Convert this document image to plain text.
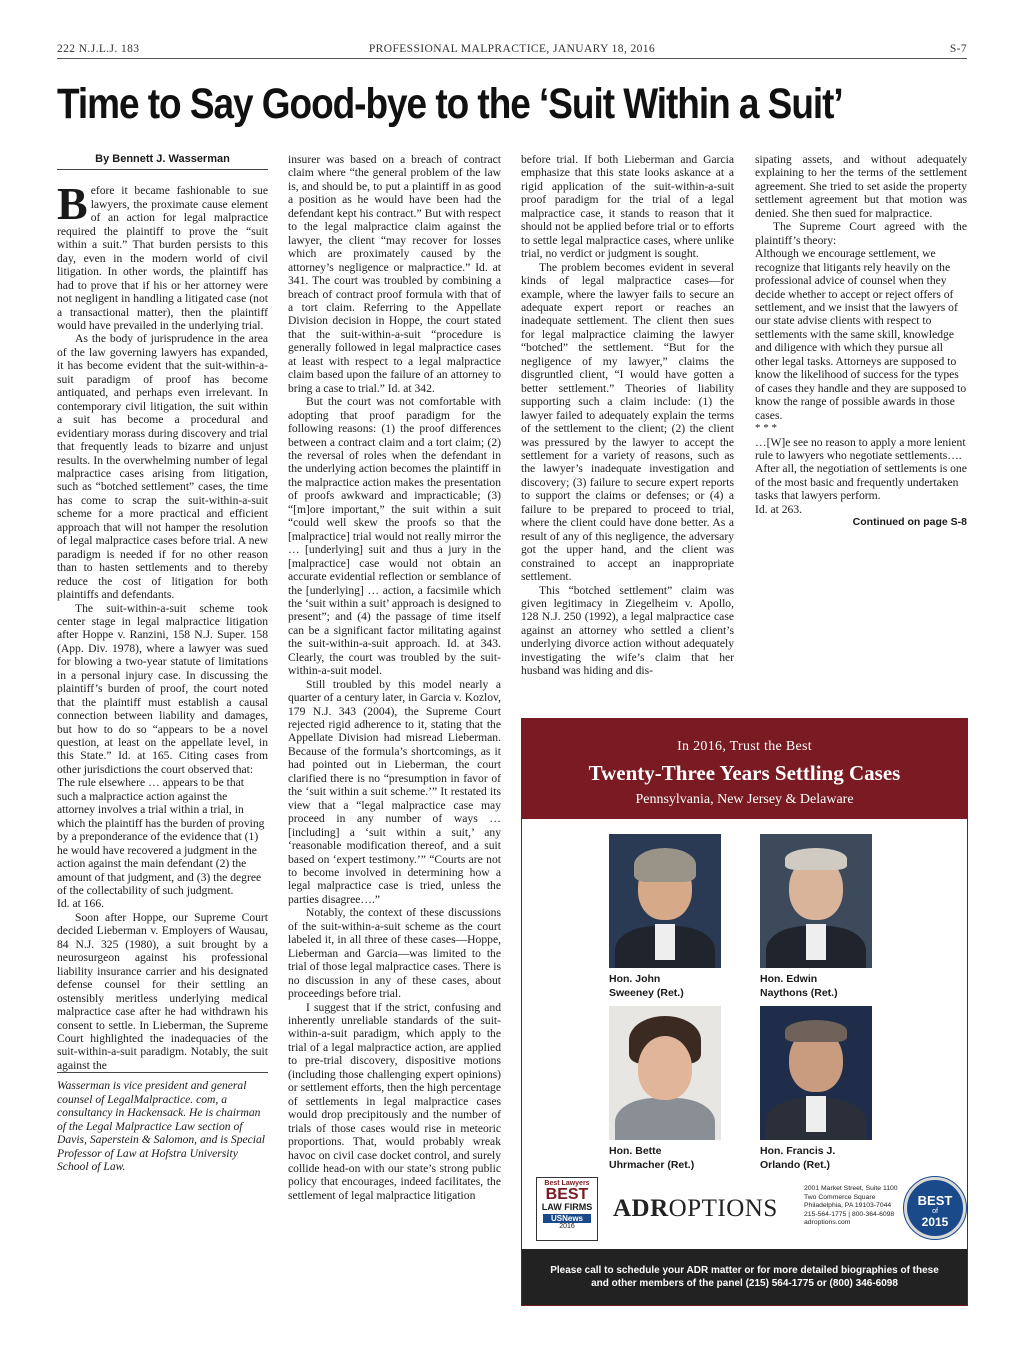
222 N.J.L.J. 183	PROFESSIONAL MALPRACTICE, JANUARY 18, 2016	S-7
Time to Say Good-bye to the ‘Suit Within a Suit’
By Bennett J. Wasserman

Before it became fashionable to sue lawyers, the proximate cause element of an action for legal malpractice required the plaintiff to prove the “suit within a suit.” That burden persists to this day, even in the modern world of civil litigation. In other words, the plaintiff has had to prove that if his or her attorney were not negligent in handling a litigated case (not a transactional matter), then the plaintiff would have prevailed in the underlying trial.

As the body of jurisprudence in the area of the law governing lawyers has expanded, it has become evident that the suit-within-a-suit paradigm of proof has become antiquated, and perhaps even irrelevant. In contemporary civil litigation, the suit within a suit has become a procedural and evidentiary morass during discovery and trial that frequently leads to bizarre and unjust results. In the overwhelming number of legal malpractice cases arising from litigation, such as “botched settlement” cases, the time has come to scrap the suit-within-a-suit scheme for a more practical and efficient approach that will not hamper the resolution of legal malpractice cases before trial. A new paradigm is needed if for no other reason than to hasten settlements and to thereby reduce the cost of litigation for both plaintiffs and defendants.

The suit-within-a-suit scheme took center stage in legal malpractice litigation after Hoppe v. Ranzini, 158 N.J. Super. 158 (App. Div. 1978), where a lawyer was sued for blowing a two-year statute of limitations in a personal injury case. In discussing the plaintiff’s burden of proof, the court noted that the plaintiff must establish a causal connection between liability and damages, but how to do so “appears to be a novel question, at least on the appellate level, in this State.” Id. at 165. Citing cases from other jurisdictions the court observed that:

The rule elsewhere … appears to be that such a malpractice action against the attorney involves a trial within a trial, in which the plaintiff has the burden of proving by a preponderance of the evidence that (1) he would have recovered a judgment in the action against the main defendant (2) the amount of that judgment, and (3) the degree of the collectability of such judgment.

Id. at 166.

Soon after Hoppe, our Supreme Court decided Lieberman v. Employers of Wausau, 84 N.J. 325 (1980), a suit brought by a neurosurgeon against his professional liability insurance carrier and his designated defense counsel for their settling an ostensibly meritless underlying medical malpractice case after he had withdrawn his consent to settle. In Lieberman, the Supreme Court highlighted the inadequacies of the suit-within-a-suit paradigm. Notably, the suit against the

Wasserman is vice president and general counsel of LegalMalpractice. com, a consultancy in Hackensack. He is chairman of the Legal Malpractice Law section of Davis, Saperstein & Salomon, and is Special Professor of Law at Hofstra University School of Law.

insurer was based on a breach of contract claim where “the general problem of the law is, and should be, to put a plaintiff in as good a position as he would have been had the defendant kept his contract.” But with respect to the legal malpractice claim against the lawyer, the client “may recover for losses which are proximately caused by the attorney’s negligence or malpractice.” Id. at 341. The court was troubled by combining a breach of contract proof formula with that of a tort claim. Referring to the Appellate Division decision in Hoppe, the court stated that the suit-within-a-suit “procedure is generally followed in legal malpractice cases at least with respect to a legal malpractice claim based upon the failure of an attorney to bring a case to trial.” Id. at 342.

But the court was not comfortable with adopting that proof paradigm for the following reasons: (1) the proof differences between a contract claim and a tort claim; (2) the reversal of roles when the defendant in the underlying action becomes the plaintiff in the malpractice action makes the presentation of proofs awkward and impracticable; (3) “[m]ore important,” the suit within a suit “could well skew the proofs so that the [malpractice] trial would not really mirror the … [underlying] suit and thus a jury in the [malpractice] case would not obtain an accurate evidential reflection or semblance of the [underlying] … action, a facsimile which the ‘suit within a suit’ approach is designed to present”; and (4) the passage of time itself can be a significant factor militating against the suit-within-a-suit approach. Id. at 343. Clearly, the court was troubled by the suit-within-a-suit model.

Still troubled by this model nearly a quarter of a century later, in Garcia v. Kozlov, 179 N.J. 343 (2004), the Supreme Court rejected rigid adherence to it, stating that the Appellate Division had misread Lieberman. Because of the formula’s shortcomings, as it had pointed out in Lieberman, the court clarified there is no “presumption in favor of the ‘suit within a suit scheme.’” It restated its view that a “legal malpractice case may proceed in any number of ways … [including] a ‘suit within a suit,’ any ‘reasonable modification thereof, and a suit based on ‘expert testimony.’” “Courts are not to become involved in determining how a legal malpractice case is tried, unless the parties disagree….”

Notably, the context of these discussions of the suit-within-a-suit scheme as the court labeled it, in all three of these cases—Hoppe, Lieberman and Garcia—was limited to the trial of those legal malpractice cases. There is no discussion in any of these cases, about proceedings before trial.

I suggest that if the strict, confusing and inherently unreliable standards of the suit-within-a-suit paradigm, which apply to the trial of a legal malpractice action, are applied to pre-trial discovery, dispositive motions (including those challenging expert opinions) or settlement efforts, then the high percentage of settlements in legal malpractice cases would drop precipitously and the number of trials of those cases would rise in meteoric proportions. That, would probably wreak havoc on civil case docket control, and surely collide head-on with our state’s strong public policy that encourages, indeed facilitates, the settlement of legal malpractice litigation

before trial. If both Lieberman and Garcia emphasize that this state looks askance at a rigid application of the suit-within-a-suit proof paradigm for the trial of a legal malpractice case, it stands to reason that it should not be applied before trial or to efforts to settle legal malpractice cases, where unlike trial, no verdict or judgment is sought.

The problem becomes evident in several kinds of legal malpractice cases—for example, where the lawyer fails to secure an adequate expert report or reaches an inadequate settlement. The client then sues for legal malpractice claiming the lawyer “botched” the settlement. “But for the negligence of my lawyer,” claims the disgruntled client, “I would have gotten a better settlement.” Theories of liability supporting such a claim include: (1) the lawyer failed to adequately explain the terms of the settlement to the client; (2) the client was pressured by the lawyer to accept the settlement for a variety of reasons, such as the lawyer’s inadequate investigation and discovery; (3) failure to secure expert reports to support the claims or defenses; or (4) a failure to be prepared to proceed to trial, where the client could have done better. As a result of any of this negligence, the adversary got the upper hand, and the client was constrained to accept an inappropriate settlement.

This “botched settlement” claim was given legitimacy in Ziegelheim v. Apollo, 128 N.J. 250 (1992), a legal malpractice case against an attorney who settled a client’s underlying divorce action without adequately investigating the wife’s claim that her husband was hiding and dis-

sipating assets, and without adequately explaining to her the terms of the settlement agreement. She tried to set aside the property settlement agreement but that motion was denied. She then sued for malpractice.

The Supreme Court agreed with the plaintiff’s theory:

Although we encourage settlement, we recognize that litigants rely heavily on the professional advice of counsel when they decide whether to accept or reject offers of settlement, and we insist that the lawyers of our state advise clients with respect to settlements with the same skill, knowledge and diligence with which they pursue all other legal tasks. Attorneys are supposed to know the likelihood of success for the types of cases they handle and they are supposed to know the range of possible awards in those cases.

* * *

…[W]e see no reason to apply a more lenient rule to lawyers who negotiate settlements…. After all, the negotiation of settlements is one of the most basic and frequently undertaken tasks that lawyers perform.

Id. at 263.

Continued on page S-8

In 2016, Trust the Best
Twenty-Three Years Settling Cases
Pennsylvania, New Jersey & Delaware
Hon. John
Sweeney (Ret.)
Hon. Edwin
Naythons (Ret.)
Hon. Bette
Uhrmacher (Ret.)
Hon. Francis J.
Orlando (Ret.)
Best Lawyers
BEST
LAW FIRMS
USNews
2016
ADROPTIONS
2001 Market Street, Suite 1100
Two Commerce Square
Philadelphia, PA 19103-7044
215-564-1775 | 800-364-6098
adroptions.com
BEST
of
2015
Please call to schedule your ADR matter or for more detailed biographies of these
and other members of the panel (215) 564-1775 or (800) 346-6098
